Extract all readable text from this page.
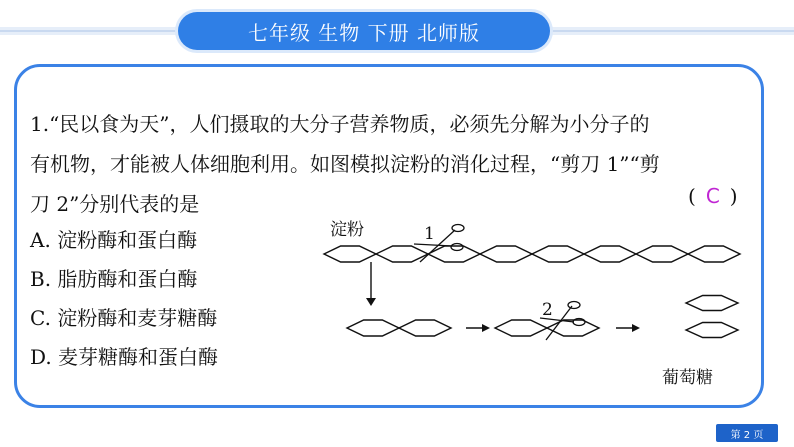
七年级 生物 下册 北师版
1.“民以食为天”，人们摄取的大分子营养物质，必须先分解为小分子的
有机物，才能被人体细胞利用。如图模拟淀粉的消化过程，“剪刀 1”“剪
刀 2”分别代表的是	( C )
A. 淀粉酶和蛋白酶
B. 脂肪酶和蛋白酶
C. 淀粉酶和麦芽糖酶
D. 麦芽糖酶和蛋白酶
淀粉	1
2
葡萄糖
第 2 页
